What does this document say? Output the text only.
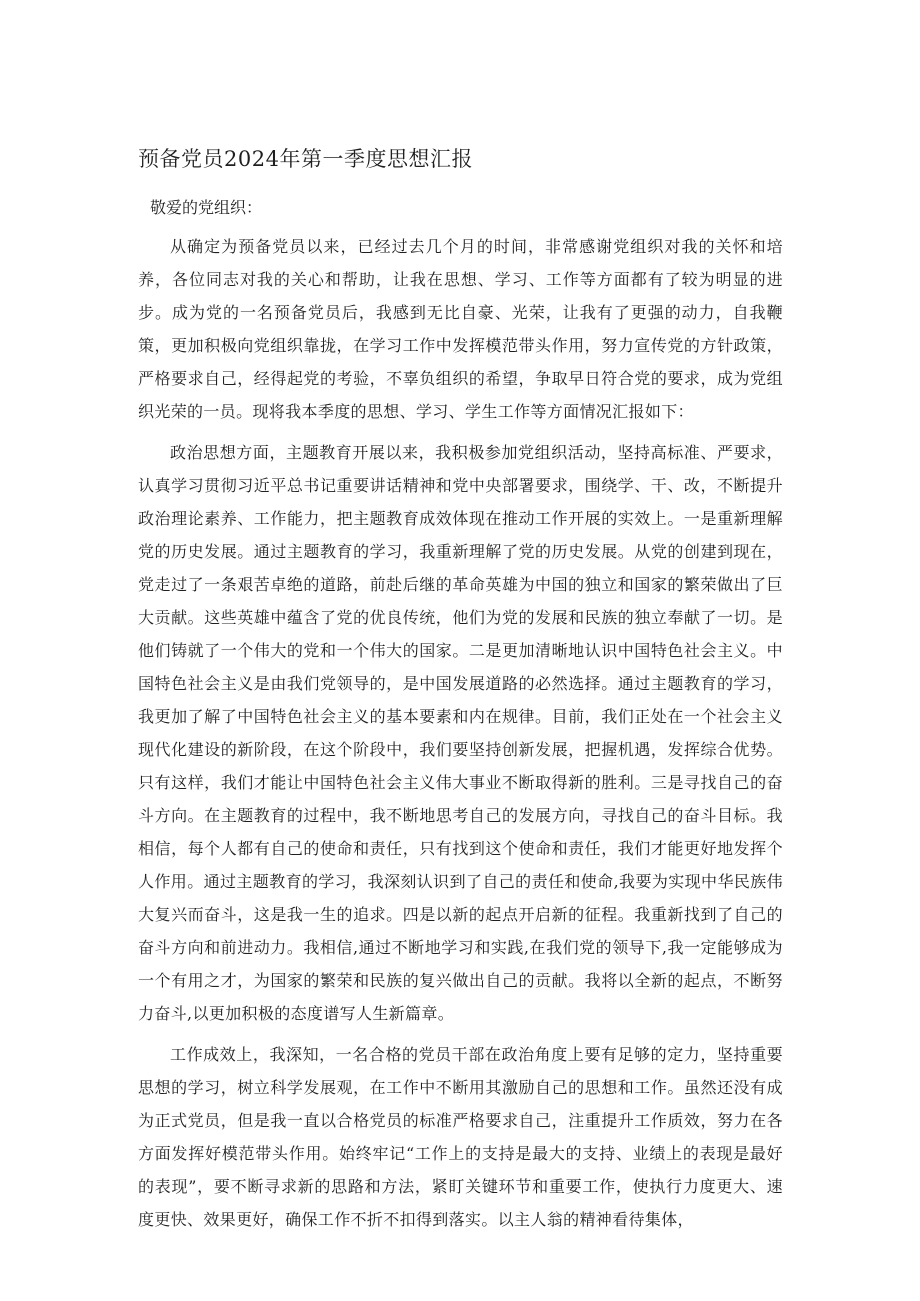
预备党员2024年第一季度思想汇报

敬爱的党组织：

从确定为预备党员以来，已经过去几个月的时间，非常感谢党组织对我的关怀和培养，各位同志对我的关心和帮助，让我在思想、学习、工作等方面都有了较为明显的进步。成为党的一名预备党员后，我感到无比自豪、光荣，让我有了更强的动力，自我鞭策，更加积极向党组织靠拢，在学习工作中发挥模范带头作用，努力宣传党的方针政策，严格要求自己，经得起党的考验，不辜负组织的希望，争取早日符合党的要求，成为党组织光荣的一员。现将我本季度的思想、学习、学生工作等方面情况汇报如下：

政治思想方面，主题教育开展以来，我积极参加党组织活动，坚持高标准、严要求，认真学习贯彻习近平总书记重要讲话精神和党中央部署要求，围绕学、干、改，不断提升政治理论素养、工作能力，把主题教育成效体现在推动工作开展的实效上。一是重新理解党的历史发展。通过主题教育的学习，我重新理解了党的历史发展。从党的创建到现在，党走过了一条艰苦卓绝的道路，前赴后继的革命英雄为中国的独立和国家的繁荣做出了巨大贡献。这些英雄中蕴含了党的优良传统，他们为党的发展和民族的独立奉献了一切。是他们铸就了一个伟大的党和一个伟大的国家。二是更加清晰地认识中国特色社会主义。中国特色社会主义是由我们党领导的，是中国发展道路的必然选择。通过主题教育的学习，我更加了解了中国特色社会主义的基本要素和内在规律。目前，我们正处在一个社会主义现代化建设的新阶段，在这个阶段中，我们要坚持创新发展，把握机遇，发挥综合优势。只有这样，我们才能让中国特色社会主义伟大事业不断取得新的胜利。三是寻找自己的奋斗方向。在主题教育的过程中，我不断地思考自己的发展方向，寻找自己的奋斗目标。我相信，每个人都有自己的使命和责任，只有找到这个使命和责任，我们才能更好地发挥个人作用。通过主题教育的学习，我深刻认识到了自己的责任和使命,我要为实现中华民族伟大复兴而奋斗，这是我一生的追求。四是以新的起点开启新的征程。我重新找到了自己的奋斗方向和前进动力。我相信,通过不断地学习和实践,在我们党的领导下,我一定能够成为一个有用之才，为国家的繁荣和民族的复兴做出自己的贡献。我将以全新的起点，不断努力奋斗,以更加积极的态度谱写人生新篇章。

工作成效上，我深知，一名合格的党员干部在政治角度上要有足够的定力，坚持重要思想的学习，树立科学发展观，在工作中不断用其激励自己的思想和工作。虽然还没有成为正式党员，但是我一直以合格党员的标准严格要求自己，注重提升工作质效，努力在各方面发挥好模范带头作用。始终牢记“工作上的支持是最大的支持、业绩上的表现是最好的表现”，要不断寻求新的思路和方法，紧盯关键环节和重要工作，使执行力度更大、速度更快、效果更好，确保工作不折不扣得到落实。以主人翁的精神看待集体，
